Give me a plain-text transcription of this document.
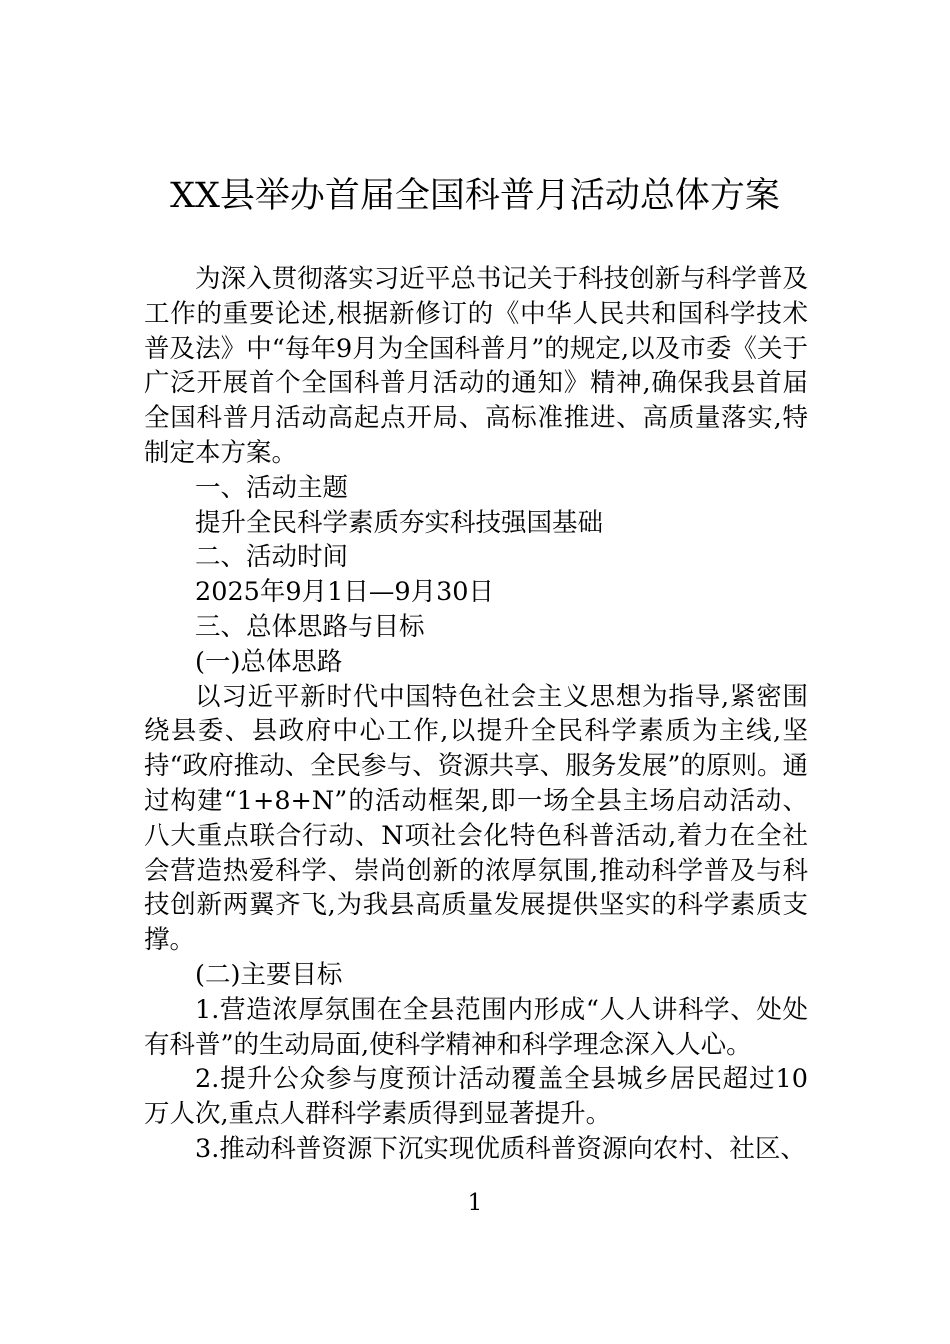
XX县举办首届全国科普月活动总体方案

为深入贯彻落实习近平总书记关于科技创新与科学普及工作的重要论述,根据新修订的《中华人民共和国科学技术普及法》中“每年9月为全国科普月”的规定,以及市委《关于广泛开展首个全国科普月活动的通知》精神,确保我县首届全国科普月活动高起点开局、高标准推进、高质量落实,特制定本方案。

一、活动主题

提升全民科学素质夯实科技强国基础

二、活动时间

2025年9月1日—9月30日

三、总体思路与目标

(一)总体思路

以习近平新时代中国特色社会主义思想为指导,紧密围绕县委、县政府中心工作,以提升全民科学素质为主线,坚持“政府推动、全民参与、资源共享、服务发展”的原则。通过构建“1+8+N”的活动框架,即一场全县主场启动活动、八大重点联合行动、N项社会化特色科普活动,着力在全社会营造热爱科学、崇尚创新的浓厚氛围,推动科学普及与科技创新两翼齐飞,为我县高质量发展提供坚实的科学素质支撑。

(二)主要目标

1.营造浓厚氛围在全县范围内形成“人人讲科学、处处有科普”的生动局面,使科学精神和科学理念深入人心。

2.提升公众参与度预计活动覆盖全县城乡居民超过10万人次,重点人群科学素质得到显著提升。

3.推动科普资源下沉实现优质科普资源向农村、社区、

1
